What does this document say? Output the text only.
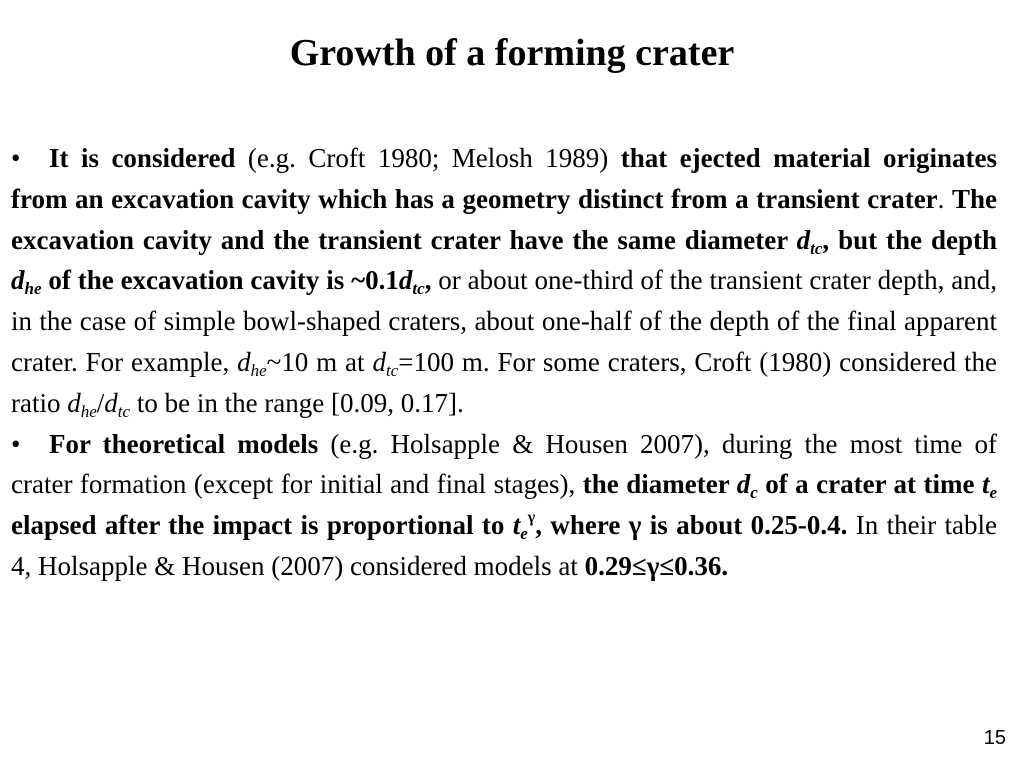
Growth of a forming crater

• It is considered (e.g. Croft 1980; Melosh 1989) that ejected material originates from an excavation cavity which has a geometry distinct from a transient crater. The excavation cavity and the transient crater have the same diameter $d_{tc}$, but the depth $d_{he}$ of the excavation cavity is $\sim 0.1d_{tc}$, or about one-third of the transient crater depth, and, in the case of simple bowl-shaped craters, about one-half of the depth of the final apparent crater. For example, $d_{he}\sim 10$ m at $d_{tc}=100$ m. For some craters, Croft (1980) considered the ratio $d_{he}/d_{tc}$ to be in the range [0.09, 0.17].

• For theoretical models (e.g. Holsapple & Housen 2007), during the most time of crater formation (except for initial and final stages), the diameter $d_c$ of a crater at time $t_e$ elapsed after the impact is proportional to $t_e^\gamma$, where γ is about 0.25-0.4. In their table 4, Holsapple & Housen (2007) considered models at 0.29≤γ≤0.36.

15
